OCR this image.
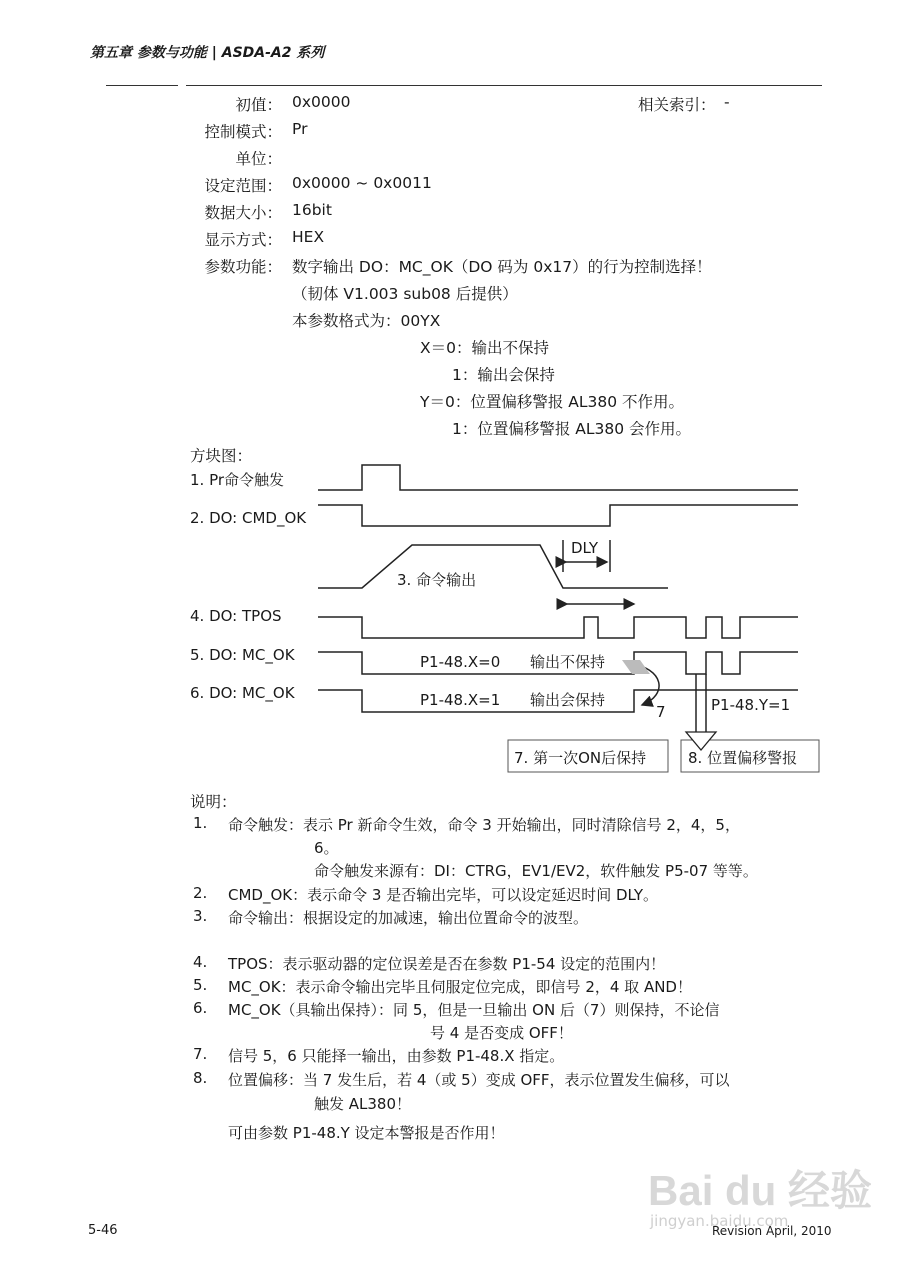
第五章 参数与功能 | ASDA-A2 系列
初值： 0x0000	相关索引： -
控制模式： Pr
单位：
设定范围： 0x0000 ~ 0x0011
数据大小： 16bit
显示方式： HEX
参数功能： 数字输出 DO：MC_OK（DO 码为 0x17）的行为控制选择！
（韧体 V1.003 sub08 后提供）
本参数格式为：00YX
X＝0：输出不保持
1：输出会保持
Y＝0：位置偏移警报 AL380 不作用。
1：位置偏移警报 AL380 会作用。
方块图：
1. Pr命令触发
2. DO: CMD_OK
DLY
3. 命令输出
4. DO: TPOS
5. DO: MC_OK
6. DO: MC_OK
P1-48.X=0 输出不保持
P1-48.X=1 输出会保持
7	P1-48.Y=1
7. 第一次ON后保持	8. 位置偏移警报
说明：
1. 命令触发：表示 Pr 新命令生效，命令 3 开始输出，同时清除信号 2，4，5，
6。
命令触发来源有：DI：CTRG，EV1/EV2，软件触发 P5-07 等等。
2. CMD_OK：表示命令 3 是否输出完毕，可以设定延迟时间 DLY。
3. 命令输出：根据设定的加减速，输出位置命令的波型。
4. TPOS：表示驱动器的定位误差是否在参数 P1-54 设定的范围内！
5. MC_OK：表示命令输出完毕且伺服定位完成，即信号 2，4 取 AND！
6. MC_OK（具输出保持）：同 5，但是一旦输出 ON 后（7）则保持，不论信
号 4 是否变成 OFF！
7. 信号 5，6 只能择一输出，由参数 P1-48.X 指定。
8. 位置偏移：当 7 发生后，若 4（或 5）变成 OFF，表示位置发生偏移，可以
触发 AL380！
可由参数 P1-48.Y 设定本警报是否作用！
Bai du 经验
jingyan.baidu.com
5-46	Revision April, 2010
